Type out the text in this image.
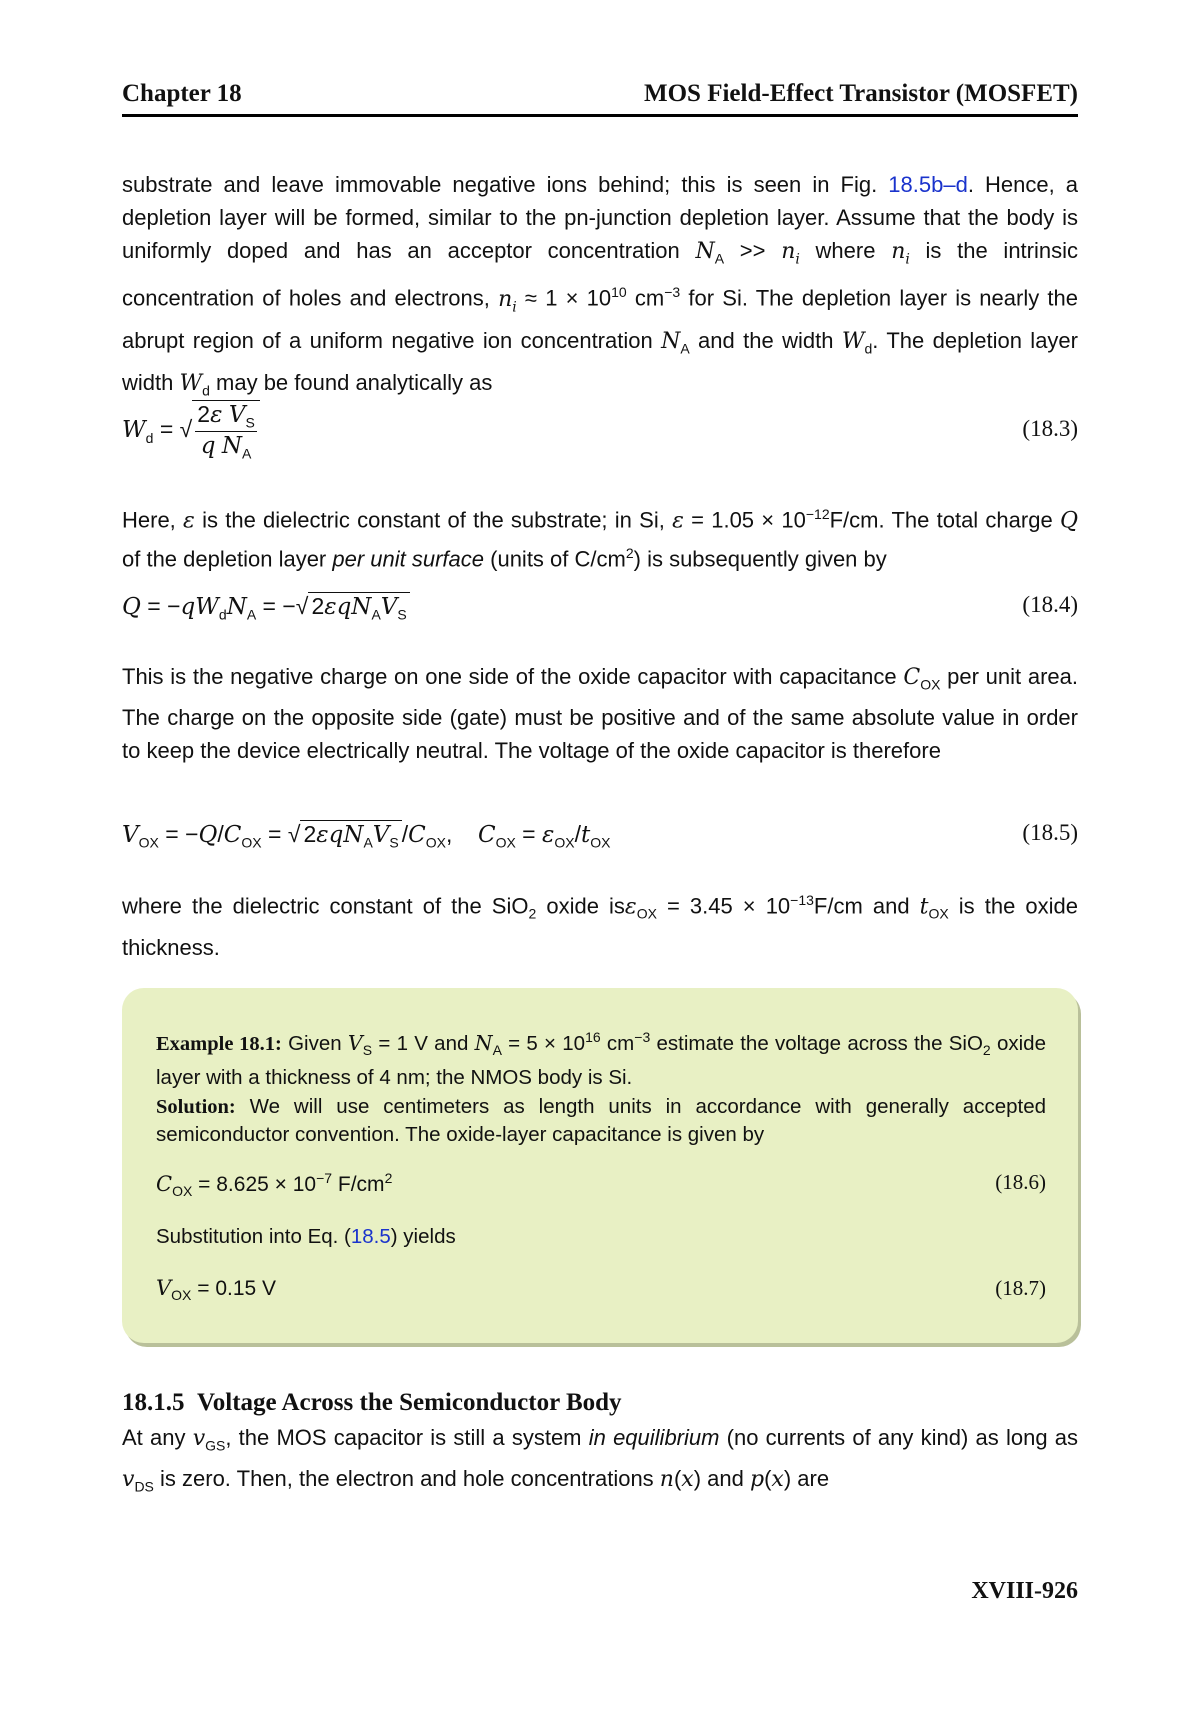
Chapter 18	MOS Field-Effect Transistor (MOSFET)
substrate and leave immovable negative ions behind; this is seen in Fig. 18.5b–d. Hence, a depletion layer will be formed, similar to the pn-junction depletion layer. Assume that the body is uniformly doped and has an acceptor concentration $N_A >> n_i$ where $n_i$ is the intrinsic concentration of holes and electrons, $n_i \approx 1 \times 10^{10}$ $cm^{-3}$ for Si. The depletion layer is nearly the abrupt region of a uniform negative ion concentration $N_A$ and the width $W_d$. The depletion layer width $W_d$ may be found analytically as
$W_d$ = √ $\frac{2\varepsilon V_S}{q N_A}$	(18.3)
Here, ε is the dielectric constant of the substrate; in Si, $\varepsilon = 1.05 \times 10^{-12}F/cm$. The total charge Q of the depletion layer per unit surface (units of $C/cm^2$) is subsequently given by
$Q = -qW_dN_A$ = −√ $2\varepsilon qN_AV_S$	(18.4)
This is the negative charge on one side of the oxide capacitor with capacitance $C_{OX}$ per unit area. The charge on the opposite side (gate) must be positive and of the same absolute value in order to keep the device electrically neutral. The voltage of the oxide capacitor is therefore
$V_{OX} = -Q/C_{OX}$ = √ $2\varepsilon qN_AV_S$ $/C_{OX}$,    $C_{OX} = \varepsilon_{OX}/t_{OX}$	(18.5)
where the dielectric constant of the SiO$_2$ oxide $is\varepsilon_{OX} = 3.45 \times 10^{-13}F/cm$ and $t_{OX}$ is the oxide thickness.
Example 18.1: Given $V_S = 1$ V and $N_A = 5 \times 10^{16}$ $cm^{-3}$ estimate the voltage across the SiO$_2$ oxide layer with a thickness of 4 nm; the NMOS body is Si.
Solution: We will use centimeters as length units in accordance with generally accepted semiconductor convention. The oxide-layer capacitance is given by
$C_{OX} = 8.625 \times 10^{-7}$ $F/cm^2$	(18.6)
Substitution into Eq. (18.5) yields
$V_{OX} = 0.15$ V	(18.7)
18.1.5 Voltage Across the Semiconductor Body
At any $v_{GS}$, the MOS capacitor is still a system in equilibrium (no currents of any kind) as long as $v_{DS}$ is zero. Then, the electron and hole concentrations n(x) and p(x) are
XVIII-926
